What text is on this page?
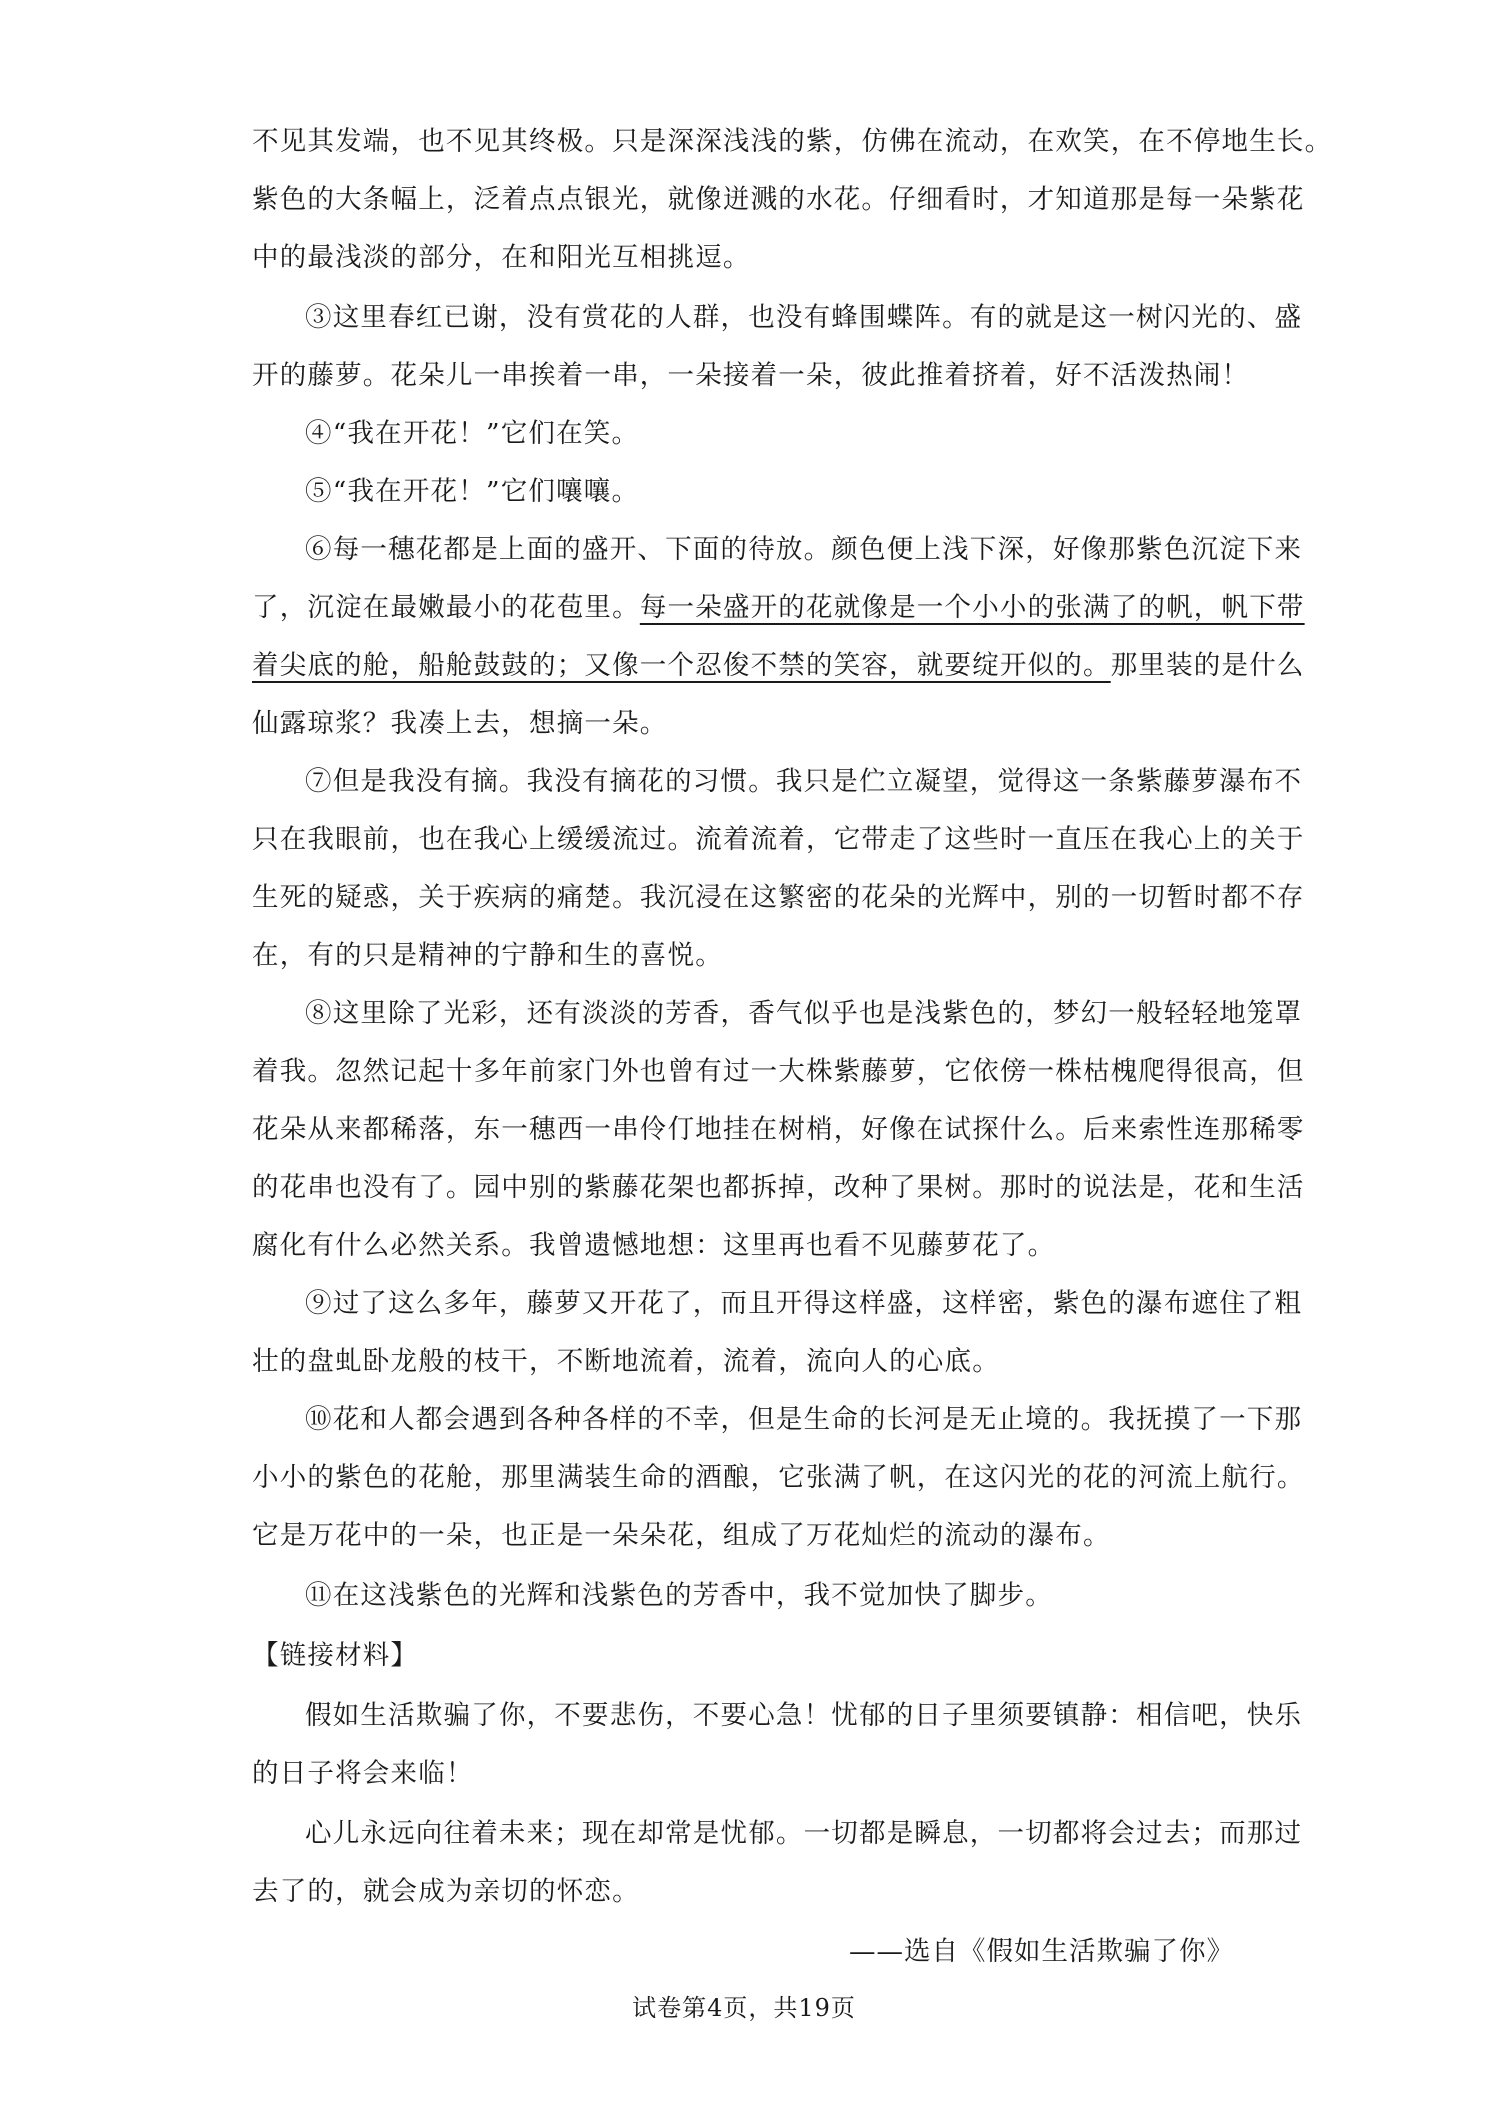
不见其发端，也不见其终极。只是深深浅浅的紫，仿佛在流动，在欢笑，在不停地生长。
紫色的大条幅上，泛着点点银光，就像迸溅的水花。仔细看时，才知道那是每一朵紫花
中的最浅淡的部分，在和阳光互相挑逗。
③这里春红已谢，没有赏花的人群，也没有蜂围蝶阵。有的就是这一树闪光的、盛
开的藤萝。花朵儿一串挨着一串，一朵接着一朵，彼此推着挤着，好不活泼热闹！
④“我在开花！”它们在笑。
⑤“我在开花！”它们嚷嚷。
⑥每一穗花都是上面的盛开、下面的待放。颜色便上浅下深，好像那紫色沉淀下来
了，沉淀在最嫩最小的花苞里。每一朵盛开的花就像是一个小小的张满了的帆，帆下带
着尖底的舱，船舱鼓鼓的；又像一个忍俊不禁的笑容，就要绽开似的。那里装的是什么
仙露琼浆？我凑上去，想摘一朵。
⑦但是我没有摘。我没有摘花的习惯。我只是伫立凝望，觉得这一条紫藤萝瀑布不
只在我眼前，也在我心上缓缓流过。流着流着，它带走了这些时一直压在我心上的关于
生死的疑惑，关于疾病的痛楚。我沉浸在这繁密的花朵的光辉中，别的一切暂时都不存
在，有的只是精神的宁静和生的喜悦。
⑧这里除了光彩，还有淡淡的芳香，香气似乎也是浅紫色的，梦幻一般轻轻地笼罩
着我。忽然记起十多年前家门外也曾有过一大株紫藤萝，它依傍一株枯槐爬得很高，但
花朵从来都稀落，东一穗西一串伶仃地挂在树梢，好像在试探什么。后来索性连那稀零
的花串也没有了。园中别的紫藤花架也都拆掉，改种了果树。那时的说法是，花和生活
腐化有什么必然关系。我曾遗憾地想：这里再也看不见藤萝花了。
⑨过了这么多年，藤萝又开花了，而且开得这样盛，这样密，紫色的瀑布遮住了粗
壮的盘虬卧龙般的枝干，不断地流着，流着，流向人的心底。
⑩花和人都会遇到各种各样的不幸，但是生命的长河是无止境的。我抚摸了一下那
小小的紫色的花舱，那里满装生命的酒酿，它张满了帆，在这闪光的花的河流上航行。
它是万花中的一朵，也正是一朵朵花，组成了万花灿烂的流动的瀑布。
⑪在这浅紫色的光辉和浅紫色的芳香中，我不觉加快了脚步。
【链接材料】
假如生活欺骗了你，不要悲伤，不要心急！忧郁的日子里须要镇静：相信吧，快乐
的日子将会来临！
心儿永远向往着未来；现在却常是忧郁。一切都是瞬息，一切都将会过去；而那过
去了的，就会成为亲切的怀恋。
——选自《假如生活欺骗了你》
试卷第4页，共19页
